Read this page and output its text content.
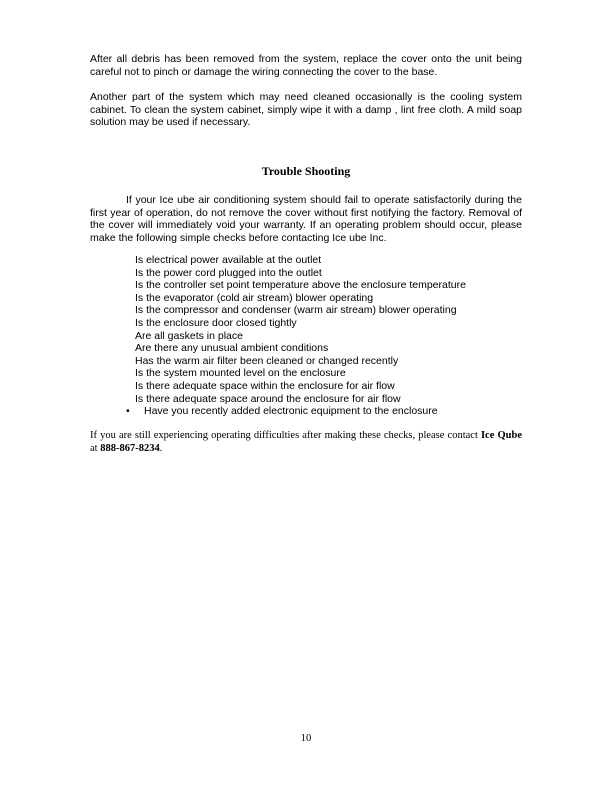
After all debris has been removed from the system, replace the cover onto the unit being careful not to pinch or damage the wiring connecting the cover to the base.

Another part of the system which may need cleaned occasionally is the cooling system cabinet. To clean the system cabinet, simply wipe it with a damp , lint free cloth. A mild soap solution may be used if necessary.

Trouble Shooting

If your Ice ube air conditioning system should fail to operate satisfactorily during the first year of operation, do not remove the cover without first notifying the factory. Removal of the cover will immediately void your warranty. If an operating problem should occur, please make the following simple checks before contacting Ice ube Inc.

Is electrical power available at the outlet
Is the power cord plugged into the outlet
Is the controller set point temperature above the enclosure temperature
Is the evaporator (cold air stream) blower operating
Is the compressor and condenser (warm air stream) blower operating
Is the enclosure door closed tightly
Are all gaskets in place
Are there any unusual ambient conditions
Has the warm air filter been cleaned or changed recently
Is the system mounted level on the enclosure
Is there adequate space within the enclosure for air flow
Is there adequate space around the enclosure for air flow
• Have you recently added electronic equipment to the enclosure

If you are still experiencing operating difficulties after making these checks, please contact Ice Qube at 888-867-8234.

10
